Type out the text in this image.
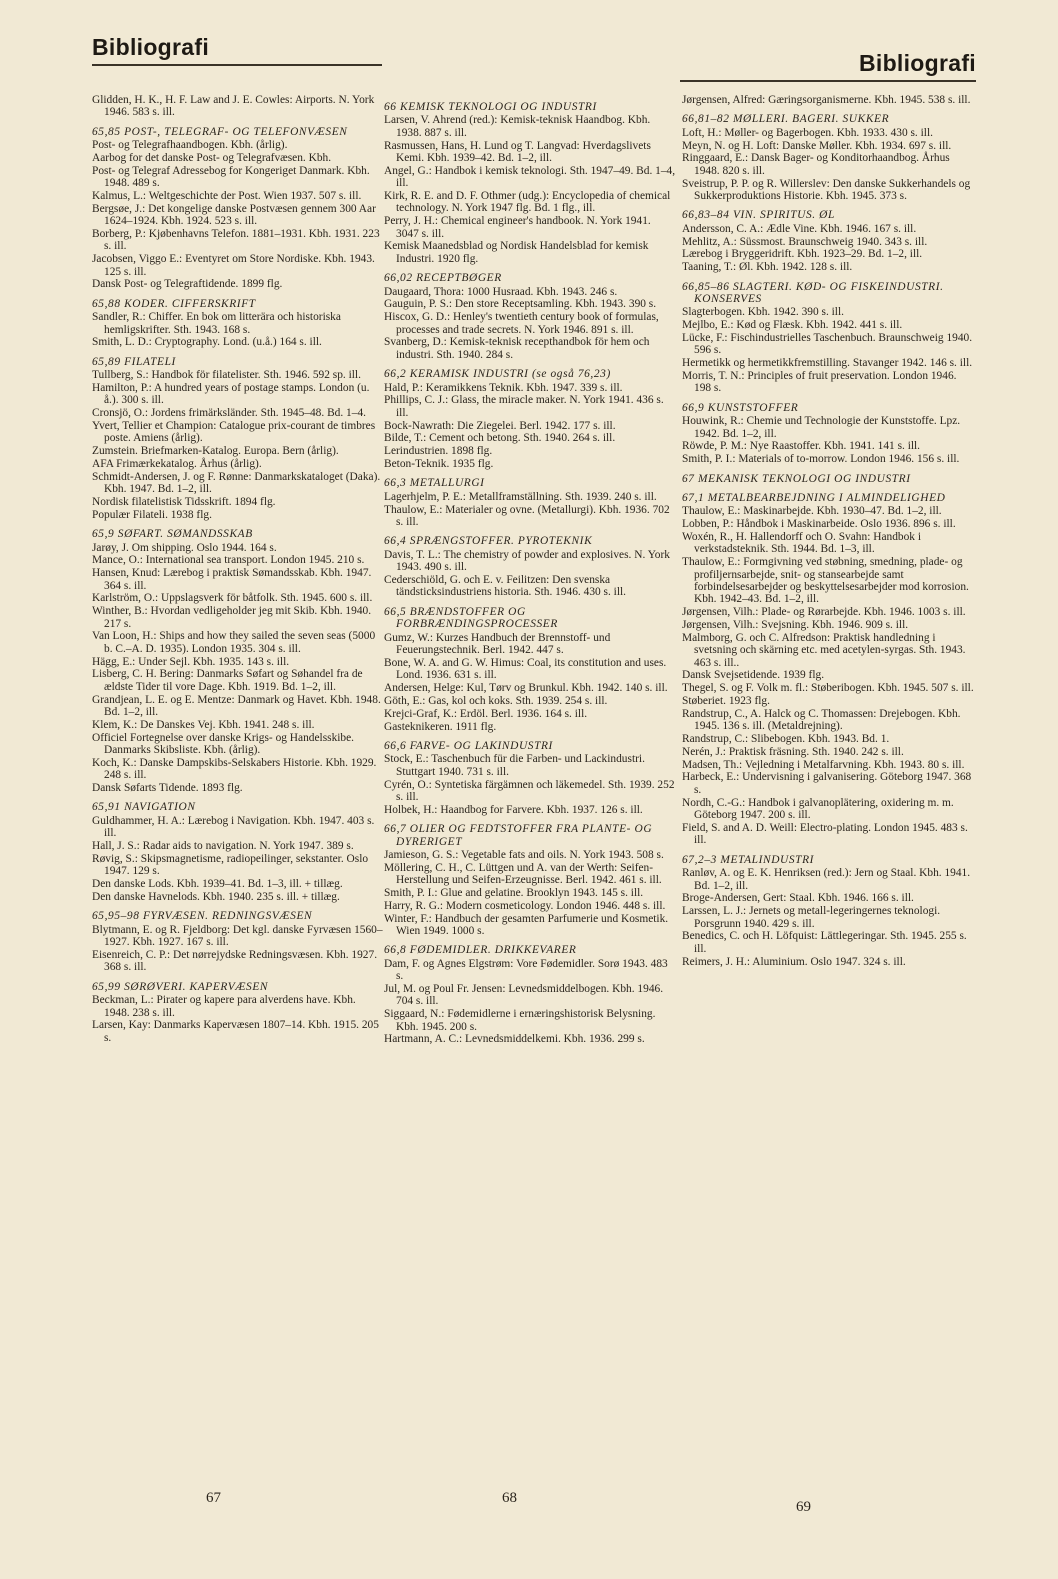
Bibliografi
Bibliografi
Glidden, H. K., H. F. Law and J. E. Cowles: Airports. N. York 1946. 583 s. ill.
65,85 POST-, TELEGRAF- OG TELEFONVÆSEN
Post- og Telegrafhaandbogen. Kbh. (årlig).
Aarbog for det danske Post- og Telegrafvæsen. Kbh.
Post- og Telegraf Adressebog for Kongeriget Danmark. Kbh. 1948. 489 s.
Kalmus, L.: Weltgeschichte der Post. Wien 1937. 507 s. ill.
Bergsøe, J.: Det kongelige danske Postvæsen gennem 300 Aar 1624–1924. Kbh. 1924. 523 s. ill.
Borberg, P.: Kjøbenhavns Telefon. 1881–1931. Kbh. 1931. 223 s. ill.
Jacobsen, Viggo E.: Eventyret om Store Nordiske. Kbh. 1943. 125 s. ill.
Dansk Post- og Telegraftidende. 1899 flg.
65,88 KODER. CIFFERSKRIFT
Sandler, R.: Chiffer. En bok om litterära och historiska hemligskrifter. Sth. 1943. 168 s.
Smith, L. D.: Cryptography. Lond. (u.å.) 164 s. ill.
65,89 FILATELI
Tullberg, S.: Handbok för filatelister. Sth. 1946. 592 sp. ill.
Hamilton, P.: A hundred years of postage stamps. London (u. å.). 300 s. ill.
Cronsjö, O.: Jordens frimärksländer. Sth. 1945–48. Bd. 1–4.
Yvert, Tellier et Champion: Catalogue prix-courant de timbres poste. Amiens (årlig).
Zumstein. Briefmarken-Katalog. Europa. Bern (årlig).
AFA Frimærkekatalog. Århus (årlig).
Schmidt-Andersen, J. og F. Rønne: Danmarkskataloget (Daka). Kbh. 1947. Bd. 1–2, ill.
Nordisk filatelistisk Tidsskrift. 1894 flg.
Populær Filateli. 1938 flg.
65,9 SØFART. SØMANDSSKAB
Jarøy, J. Om shipping. Oslo 1944. 164 s.
Mance, O.: International sea transport. London 1945. 210 s.
Hansen, Knud: Lærebog i praktisk Sømandsskab. Kbh. 1947. 364 s. ill.
Karlström, O.: Uppslagsverk för båtfolk. Sth. 1945. 600 s. ill.
Winther, B.: Hvordan vedligeholder jeg mit Skib. Kbh. 1940. 217 s.
Van Loon, H.: Ships and how they sailed the seven seas (5000 b. C.–A. D. 1935). London 1935. 304 s. ill.
Hägg, E.: Under Sejl. Kbh. 1935. 143 s. ill.
Lisberg, C. H. Bering: Danmarks Søfart og Søhandel fra de ældste Tider til vore Dage. Kbh. 1919. Bd. 1–2, ill.
Grandjean, L. E. og E. Mentze: Danmark og Havet. Kbh. 1948. Bd. 1–2, ill.
Klem, K.: De Danskes Vej. Kbh. 1941. 248 s. ill.
Officiel Fortegnelse over danske Krigs- og Handelsskibe. Danmarks Skibsliste. Kbh. (årlig).
Koch, K.: Danske Dampskibs-Selskabers Historie. Kbh. 1929. 248 s. ill.
Dansk Søfarts Tidende. 1893 flg.
65,91 NAVIGATION
Guldhammer, H. A.: Lærebog i Navigation. Kbh. 1947. 403 s. ill.
Hall, J. S.: Radar aids to navigation. N. York 1947. 389 s.
Røvig, S.: Skipsmagnetisme, radiopeilinger, sekstanter. Oslo 1947. 129 s.
Den danske Lods. Kbh. 1939–41. Bd. 1–3, ill. + tillæg.
Den danske Havnelods. Kbh. 1940. 235 s. ill. + tillæg.
65,95–98 FYRVÆSEN. REDNINGSVÆSEN
Blytmann, E. og R. Fjeldborg: Det kgl. danske Fyrvæsen 1560–1927. Kbh. 1927. 167 s. ill.
Eisenreich, C. P.: Det nørrejydske Redningsvæsen. Kbh. 1927. 368 s. ill.
65,99 SØRØVERI. KAPERVÆSEN
Beckman, L.: Pirater og kapere para alverdens have. Kbh. 1948. 238 s. ill.
Larsen, Kay: Danmarks Kapervæsen 1807–14. Kbh. 1915. 205 s.
66 KEMISK TEKNOLOGI OG INDUSTRI
Larsen, V. Ahrend (red.): Kemisk-teknisk Haandbog. Kbh. 1938. 887 s. ill.
Rasmussen, Hans, H. Lund og T. Langvad: Hverdagslivets Kemi. Kbh. 1939–42. Bd. 1–2, ill.
Angel, G.: Handbok i kemisk teknologi. Sth. 1947–49. Bd. 1–4, ill.
Kirk, R. E. and D. F. Othmer (udg.): Encyclopedia of chemical technology. N. York 1947 flg. Bd. 1 flg., ill.
Perry, J. H.: Chemical engineer's handbook. N. York 1941. 3047 s. ill.
Kemisk Maanedsblad og Nordisk Handelsblad for kemisk Industri. 1920 flg.
66,02 RECEPTBØGER
Daugaard, Thora: 1000 Husraad. Kbh. 1943. 246 s.
Gauguin, P. S.: Den store Receptsamling. Kbh. 1943. 390 s.
Hiscox, G. D.: Henley's twentieth century book of formulas, processes and trade secrets. N. York 1946. 891 s. ill.
Svanberg, D.: Kemisk-teknisk recepthandbok för hem och industri. Sth. 1940. 284 s.
66,2 KERAMISK INDUSTRI (se også 76,23)
Hald, P.: Keramikkens Teknik. Kbh. 1947. 339 s. ill.
Phillips, C. J.: Glass, the miracle maker. N. York 1941. 436 s. ill.
Bock-Nawrath: Die Ziegelei. Berl. 1942. 177 s. ill.
Bilde, T.: Cement och betong. Sth. 1940. 264 s. ill.
Lerindustrien. 1898 flg.
Beton-Teknik. 1935 flg.
66,3 METALLURGI
Lagerhjelm, P. E.: Metallframställning. Sth. 1939. 240 s. ill.
Thaulow, E.: Materialer og ovne. (Metallurgi). Kbh. 1936. 702 s. ill.
66,4 SPRÆNGSTOFFER. PYROTEKNIK
Davis, T. L.: The chemistry of powder and explosives. N. York 1943. 490 s. ill.
Cederschiöld, G. och E. v. Feilitzen: Den svenska tändsticksindustriens historia. Sth. 1946. 430 s. ill.
66,5 BRÆNDSTOFFER OG FORBRÆNDINGSPROCESSER
Gumz, W.: Kurzes Handbuch der Brennstoff- und Feuerungstechnik. Berl. 1942. 447 s.
Bone, W. A. and G. W. Himus: Coal, its constitution and uses. Lond. 1936. 631 s. ill.
Andersen, Helge: Kul, Tørv og Brunkul. Kbh. 1942. 140 s. ill.
Göth, E.: Gas, kol och koks. Sth. 1939. 254 s. ill.
Krejci-Graf, K.: Erdöl. Berl. 1936. 164 s. ill.
Gasteknikeren. 1911 flg.
66,6 FARVE- OG LAKINDUSTRI
Stock, E.: Taschenbuch für die Farben- und Lackindustri. Stuttgart 1940. 731 s. ill.
Cyrén, O.: Syntetiska färgämnen och läkemedel. Sth. 1939. 252 s. ill.
Holbek, H.: Haandbog for Farvere. Kbh. 1937. 126 s. ill.
66,7 OLIER OG FEDTSTOFFER FRA PLANTE- OG DYRERIGET
Jamieson, G. S.: Vegetable fats and oils. N. York 1943. 508 s.
Möllering, C. H., C. Lüttgen und A. van der Werth: Seifen-Herstellung und Seifen-Erzeugnisse. Berl. 1942. 461 s. ill.
Smith, P. I.: Glue and gelatine. Brooklyn 1943. 145 s. ill.
Harry, R. G.: Modern cosmeticology. London 1946. 448 s. ill.
Winter, F.: Handbuch der gesamten Parfumerie und Kosmetik. Wien 1949. 1000 s.
66,8 FØDEMIDLER. DRIKKEVARER
Dam, F. og Agnes Elgstrøm: Vore Fødemidler. Sorø 1943. 483 s.
Jul, M. og Poul Fr. Jensen: Levnedsmiddelbogen. Kbh. 1946. 704 s. ill.
Siggaard, N.: Fødemidlerne i ernæringshistorisk Belysning. Kbh. 1945. 200 s.
Hartmann, A. C.: Levnedsmiddelkemi. Kbh. 1936. 299 s.
Jørgensen, Alfred: Gæringsorganismerne. Kbh. 1945. 538 s. ill.
66,81–82 MØLLERI. BAGERI. SUKKER
Loft, H.: Møller- og Bagerbogen. Kbh. 1933. 430 s. ill.
Meyn, N. og H. Loft: Danske Møller. Kbh. 1934. 697 s. ill.
Ringgaard, E.: Dansk Bager- og Konditorhaandbog. Århus 1948. 820 s. ill.
Sveistrup, P. P. og R. Willerslev: Den danske Sukkerhandels og Sukkerproduktions Historie. Kbh. 1945. 373 s.
66,83–84 VIN. SPIRITUS. ØL
Andersson, C. A.: Ædle Vine. Kbh. 1946. 167 s. ill.
Mehlitz, A.: Süssmost. Braunschweig 1940. 343 s. ill.
Lærebog i Bryggeridrift. Kbh. 1923–29. Bd. 1–2, ill.
Taaning, T.: Øl. Kbh. 1942. 128 s. ill.
66,85–86 SLAGTERI. KØD- OG FISKEINDUSTRI. KONSERVES
Slagterbogen. Kbh. 1942. 390 s. ill.
Mejlbo, E.: Kød og Flæsk. Kbh. 1942. 441 s. ill.
Lücke, F.: Fischindustrielles Taschenbuch. Braunschweig 1940. 596 s.
Hermetikk og hermetikkfremstilling. Stavanger 1942. 146 s. ill.
Morris, T. N.: Principles of fruit preservation. London 1946. 198 s.
66,9 KUNSTSTOFFER
Houwink, R.: Chemie und Technologie der Kunststoffe. Lpz. 1942. Bd. 1–2, ill.
Röwde, P. M.: Nye Raastoffer. Kbh. 1941. 141 s. ill.
Smith, P. I.: Materials of to-morrow. London 1946. 156 s. ill.
67 MEKANISK TEKNOLOGI OG INDUSTRI
67,1 METALBEARBEJDNING I ALMINDELIGHED
Thaulow, E.: Maskinarbejde. Kbh. 1930–47. Bd. 1–2, ill.
Lobben, P.: Håndbok i Maskinarbeide. Oslo 1936. 896 s. ill.
Woxén, R., H. Hallendorff och O. Svahn: Handbok i verkstadsteknik. Sth. 1944. Bd. 1–3, ill.
Thaulow, E.: Formgivning ved støbning, smedning, plade- og profiljernsarbejde, snit- og stansearbejde samt forbindelsesarbejder og beskyttelsesarbejder mod korrosion. Kbh. 1942–43. Bd. 1–2, ill.
Jørgensen, Vilh.: Plade- og Rørarbejde. Kbh. 1946. 1003 s. ill.
Jørgensen, Vilh.: Svejsning. Kbh. 1946. 909 s. ill.
Malmborg, G. och C. Alfredson: Praktisk handledning i svetsning och skärning etc. med acetylen-syrgas. Sth. 1943. 463 s. ill..
Dansk Svejsetidende. 1939 flg.
Thegel, S. og F. Volk m. fl.: Støberibogen. Kbh. 1945. 507 s. ill.
Støberiet. 1923 flg.
Randstrup, C., A. Halck og C. Thomassen: Drejebogen. Kbh. 1945. 136 s. ill. (Metaldrejning).
Randstrup, C.: Slibebogen. Kbh. 1943. Bd. 1.
Nerén, J.: Praktisk fräsning. Sth. 1940. 242 s. ill.
Madsen, Th.: Vejledning i Metalfarvning. Kbh. 1943. 80 s. ill.
Harbeck, E.: Undervisning i galvanisering. Göteborg 1947. 368 s.
Nordh, C.-G.: Handbok i galvanoplätering, oxidering m. m. Göteborg 1947. 200 s. ill.
Field, S. and A. D. Weill: Electro-plating. London 1945. 483 s. ill.
67,2–3 METALINDUSTRI
Ranløv, A. og E. K. Henriksen (red.): Jern og Staal. Kbh. 1941. Bd. 1–2, ill.
Broge-Andersen, Gert: Staal. Kbh. 1946. 166 s. ill.
Larssen, L. J.: Jernets og metall-legeringernes teknologi. Porsgrunn 1940. 429 s. ill.
Benedics, C. och H. Löfquist: Lättlegeringar. Sth. 1945. 255 s. ill.
Reimers, J. H.: Aluminium. Oslo 1947. 324 s. ill.
67	68
69
